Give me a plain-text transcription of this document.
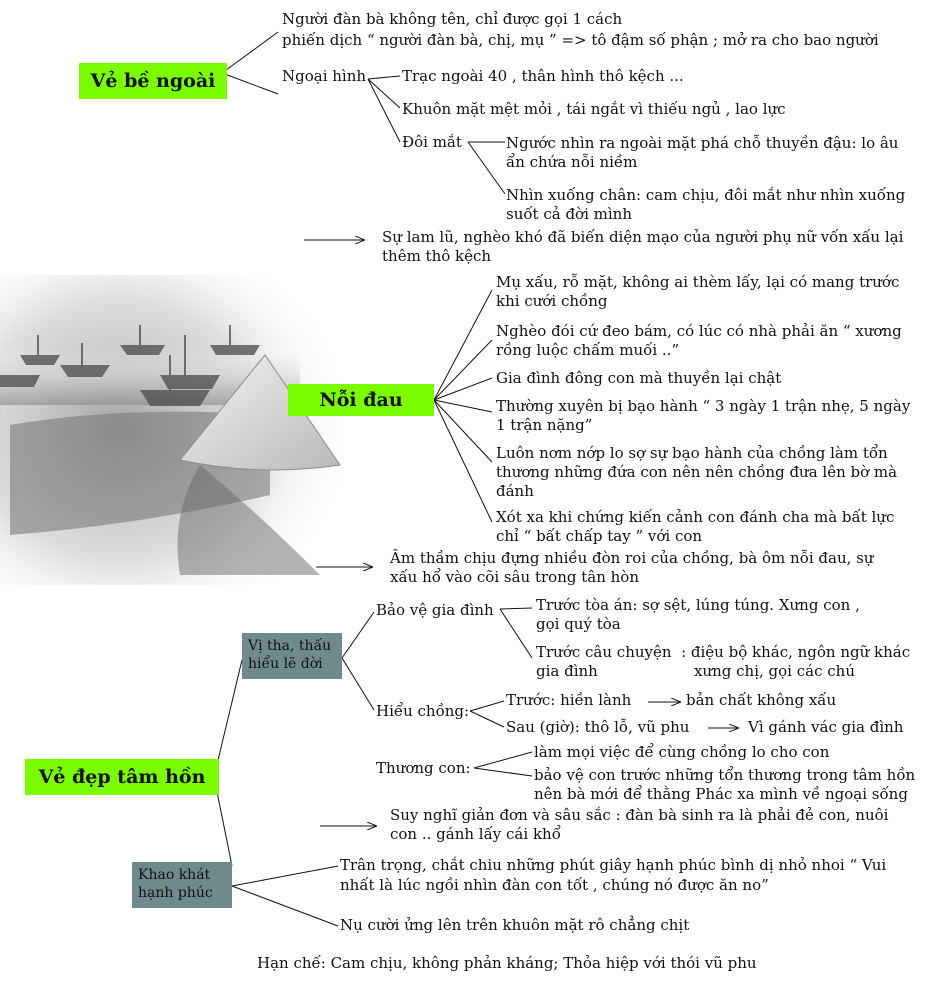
Vẻ bề ngoài
Người đàn bà không tên, chỉ được gọi 1 cách
phiến dịch “ người đàn bà, chị, mụ ” => tô đậm số phận ; mở ra cho bao người
Ngoại hình Trạc ngoài 40 , thân hình thô kệch ...
Khuôn mặt mệt mỏi , tái ngắt vì thiếu ngủ , lao lực
Đôi mắt	Ngước nhìn ra ngoài mặt phá chỗ thuyền đậu: lo âu
ẩn chứa nỗi niềm
Nhìn xuống chân: cam chịu, đôi mắt như nhìn xuống
suốt cả đời mình
Sự lam lũ, nghèo khó đã biến diện mạo của người phụ nữ vốn xấu lại
thêm thô kệch
Nỗi đau
Mụ xấu, rỗ mặt, không ai thèm lấy, lại có mang trước
khi cưới chồng
Nghèo đói cứ đeo bám, có lúc có nhà phải ăn “ xương
rồng luộc chấm muối ..”
Gia đình đông con mà thuyền lại chật
Thường xuyên bị bạo hành “ 3 ngày 1 trận nhẹ, 5 ngày
1 trận nặng”
Luôn nơm nớp lo sợ sự bạo hành của chồng làm tổn
thương những đứa con nên nên chồng đưa lên bờ mà
đánh
Xót xa khi chứng kiến cảnh con đánh cha mà bất lực
chỉ “ bất chấp tay ” với con
Âm thầm chịu đựng nhiều đòn roi của chồng, bà ôm nỗi đau, sự
xấu hổ vào cõi sâu trong tân hòn
Vẻ đẹp tâm hồn
Vị tha, thấu
hiểu lẽ đời
Bảo vệ gia đình	Trước tòa án: sợ sệt, lúng túng. Xưng con ,
gọi quý tòa
Trước câu chuyện  : điệu bộ khác, ngôn ngữ khác
gia đình	xưng chị, gọi các chú
Hiểu chồng:
Trước: hiền lành	bản chất không xấu
Sau (giờ): thô lỗ, vũ phu	Vì gánh vác gia đình
Thương con:
làm mọi việc để cùng chồng lo cho con
bảo vệ con trước những tổn thương trong tâm hồn
nên bà mới để thằng Phác xa mình về ngoại sống
Suy nghĩ giản đơn và sâu sắc : đàn bà sinh ra là phải đẻ con, nuôi
con .. gánh lấy cái khổ
Khao khát
hạnh phúc
Trân trọng, chắt chiu những phút giây hạnh phúc bình dị nhỏ nhoi “ Vui
nhất là lúc ngồi nhìn đàn con tốt , chúng nó được ăn no”
Nụ cười ửng lên trên khuôn mặt rô chẳng chịt
Hạn chế: Cam chịu, không phản kháng; Thỏa hiệp với thói vũ phu
